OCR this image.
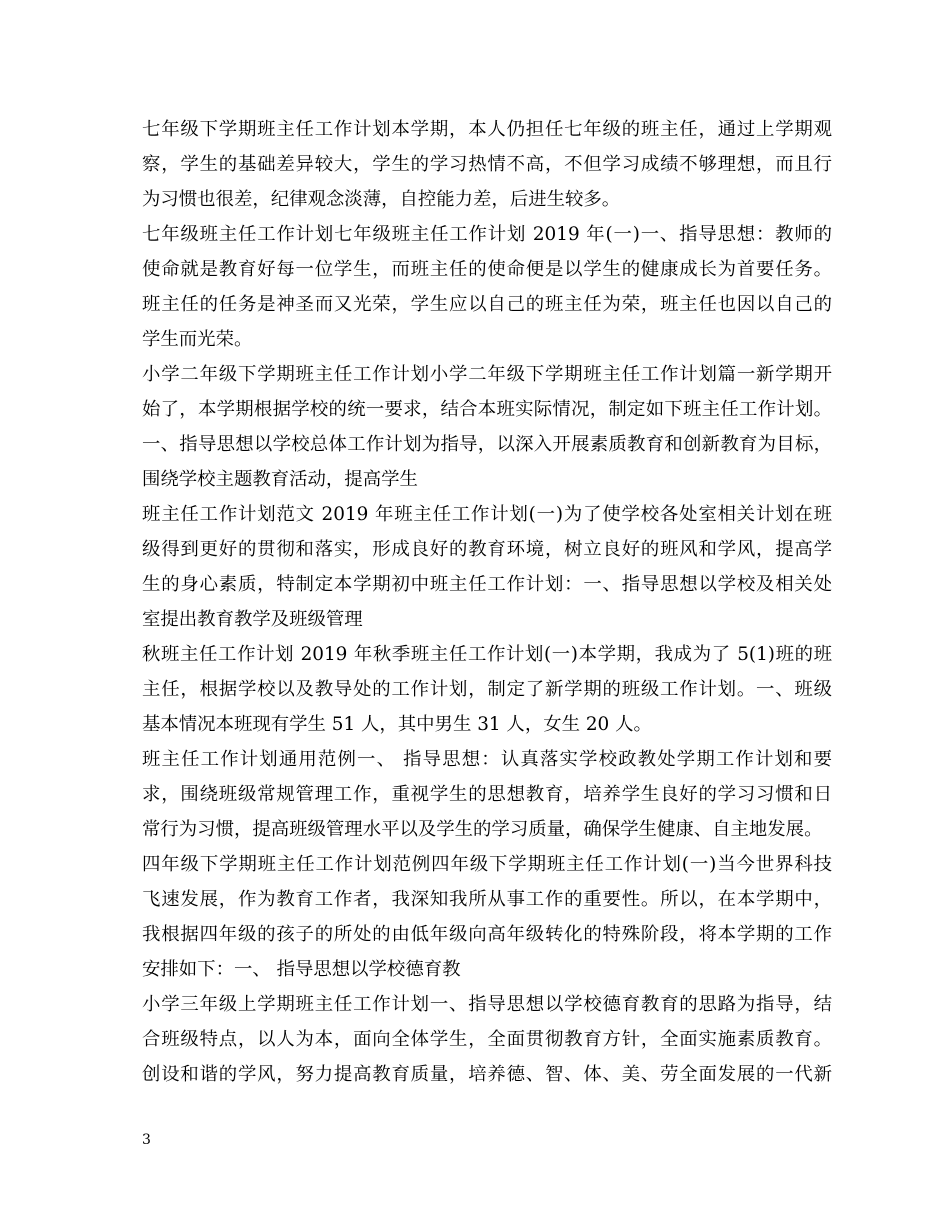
七年级下学期班主任工作计划本学期，本人仍担任七年级的班主任，通过上学期观
察，学生的基础差异较大，学生的学习热情不高，不但学习成绩不够理想，而且行
为习惯也很差，纪律观念淡薄，自控能力差，后进生较多。
七年级班主任工作计划七年级班主任工作计划 2019 年(一)一、指导思想：教师的
使命就是教育好每一位学生，而班主任的使命便是以学生的健康成长为首要任务。
班主任的任务是神圣而又光荣，学生应以自己的班主任为荣，班主任也因以自己的
学生而光荣。
小学二年级下学期班主任工作计划小学二年级下学期班主任工作计划篇一新学期开
始了，本学期根据学校的统一要求，结合本班实际情况，制定如下班主任工作计划。
一、指导思想以学校总体工作计划为指导，以深入开展素质教育和创新教育为目标，
围绕学校主题教育活动，提高学生
班主任工作计划范文 2019 年班主任工作计划(一)为了使学校各处室相关计划在班
级得到更好的贯彻和落实，形成良好的教育环境，树立良好的班风和学风，提高学
生的身心素质，特制定本学期初中班主任工作计划：一、指导思想以学校及相关处
室提出教育教学及班级管理
秋班主任工作计划 2019 年秋季班主任工作计划(一)本学期，我成为了 5(1)班的班
主任，根据学校以及教导处的工作计划，制定了新学期的班级工作计划。一、班级
基本情况本班现有学生 51 人，其中男生 31 人，女生 20 人。
班主任工作计划通用范例一、 指导思想：认真落实学校政教处学期工作计划和要
求，围绕班级常规管理工作，重视学生的思想教育，培养学生良好的学习习惯和日
常行为习惯，提高班级管理水平以及学生的学习质量，确保学生健康、自主地发展。
四年级下学期班主任工作计划范例四年级下学期班主任工作计划(一)当今世界科技
飞速发展，作为教育工作者，我深知我所从事工作的重要性。所以，在本学期中，
我根据四年级的孩子的所处的由低年级向高年级转化的特殊阶段，将本学期的工作
安排如下：一、 指导思想以学校德育教
小学三年级上学期班主任工作计划一、指导思想以学校德育教育的思路为指导，结
合班级特点，以人为本，面向全体学生，全面贯彻教育方针，全面实施素质教育。
创设和谐的学风，努力提高教育质量，培养德、智、体、美、劳全面发展的一代新
3
